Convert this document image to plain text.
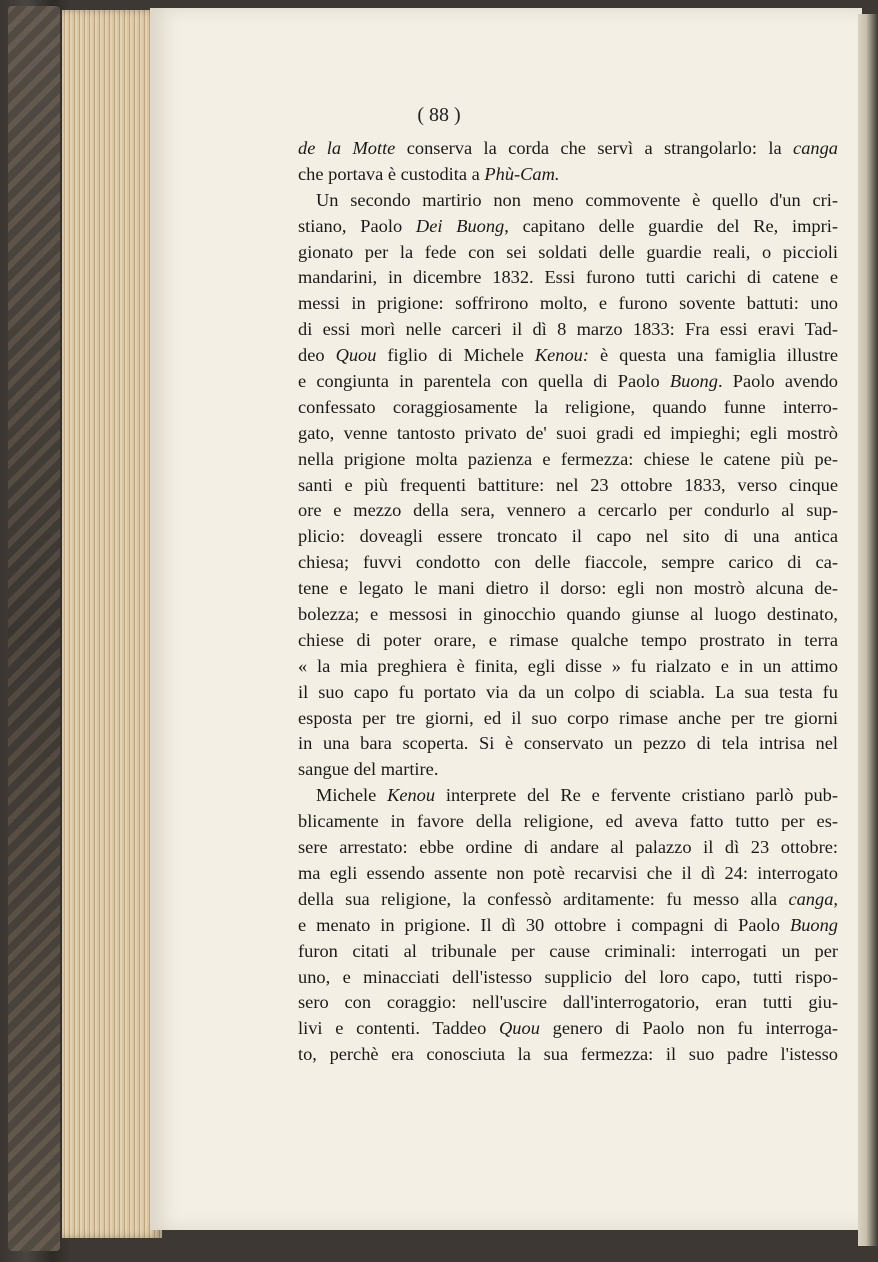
( 88 )
de la Motte conserva la corda che servì a strangolarlo: la canga
che portava è custodita a Phù-Cam.
Un secondo martirio non meno commovente è quello d'un cri-
stiano, Paolo Dei Buong, capitano delle guardie del Re, impri-
gionato per la fede con sei soldati delle guardie reali, o piccioli
mandarini, in dicembre 1832. Essi furono tutti carichi di catene e
messi in prigione: soffrirono molto, e furono sovente battuti: uno
di essi morì nelle carceri il dì 8 marzo 1833: Fra essi eravi Tad-
deo Quou figlio di Michele Kenou: è questa una famiglia illustre
e congiunta in parentela con quella di Paolo Buong. Paolo avendo
confessato coraggiosamente la religione, quando funne interro-
gato, venne tantosto privato de' suoi gradi ed impieghi; egli mostrò
nella prigione molta pazienza e fermezza: chiese le catene più pe-
santi e più frequenti battiture: nel 23 ottobre 1833, verso cinque
ore e mezzo della sera, vennero a cercarlo per condurlo al sup-
plicio: doveagli essere troncato il capo nel sito di una antica
chiesa; fuvvi condotto con delle fiaccole, sempre carico di ca-
tene e legato le mani dietro il dorso: egli non mostrò alcuna de-
bolezza; e messosi in ginocchio quando giunse al luogo destinato,
chiese di poter orare, e rimase qualche tempo prostrato in terra
« la mia preghiera è finita, egli disse » fu rialzato e in un attimo
il suo capo fu portato via da un colpo di sciabla. La sua testa fu
esposta per tre giorni, ed il suo corpo rimase anche per tre giorni
in una bara scoperta. Si è conservato un pezzo di tela intrisa nel
sangue del martire.
Michele Kenou interprete del Re e fervente cristiano parlò pub-
blicamente in favore della religione, ed aveva fatto tutto per es-
sere arrestato: ebbe ordine di andare al palazzo il dì 23 ottobre:
ma egli essendo assente non potè recarvisi che il dì 24: interrogato
della sua religione, la confessò arditamente: fu messo alla canga,
e menato in prigione. Il dì 30 ottobre i compagni di Paolo Buong
furon citati al tribunale per cause criminali: interrogati un per
uno, e minacciati dell'istesso supplicio del loro capo, tutti rispo-
sero con coraggio: nell'uscire dall'interrogatorio, eran tutti giu-
livi e contenti. Taddeo Quou genero di Paolo non fu interroga-
to, perchè era conosciuta la sua fermezza: il suo padre l'istesso
